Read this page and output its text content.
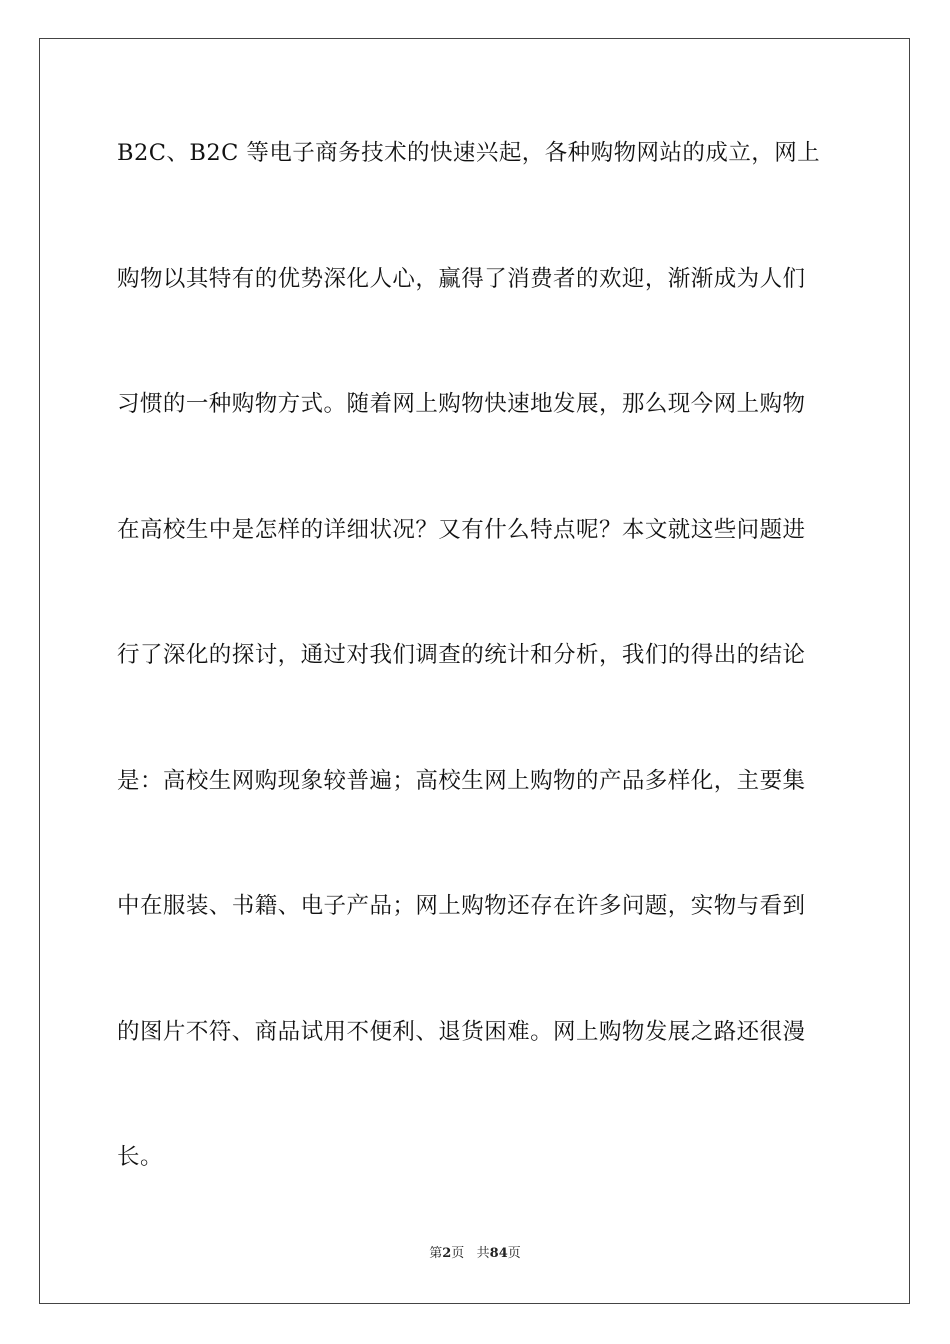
B2C、B2C 等电子商务技术的快速兴起，各种购物网站的成立，网上
购物以其特有的优势深化人心，赢得了消费者的欢迎，渐渐成为人们
习惯的一种购物方式。随着网上购物快速地发展，那么现今网上购物
在高校生中是怎样的详细状况？又有什么特点呢？本文就这些问题进
行了深化的探讨，通过对我们调查的统计和分析，我们的得出的结论
是：高校生网购现象较普遍；高校生网上购物的产品多样化，主要集
中在服装、书籍、电子产品；网上购物还存在许多问题，实物与看到
的图片不符、商品试用不便利、退货困难。网上购物发展之路还很漫
长。
第2页   共84页
